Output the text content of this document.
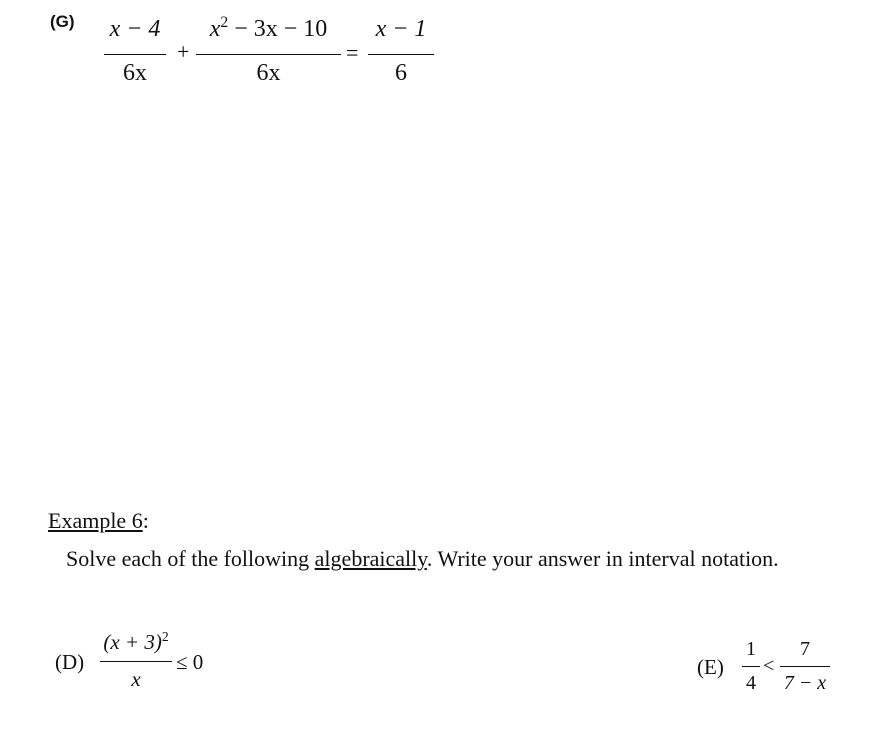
(G) x − 4
6x
+
$x^2 - 3x - 10$
6x
=
x − 1
6
Example 6:
Solve each of the following algebraically. Write your answer in interval notation.
(D)
$(x + 3)^2$
x
≤ 0	(E)
1
4
<
7
7 − x
